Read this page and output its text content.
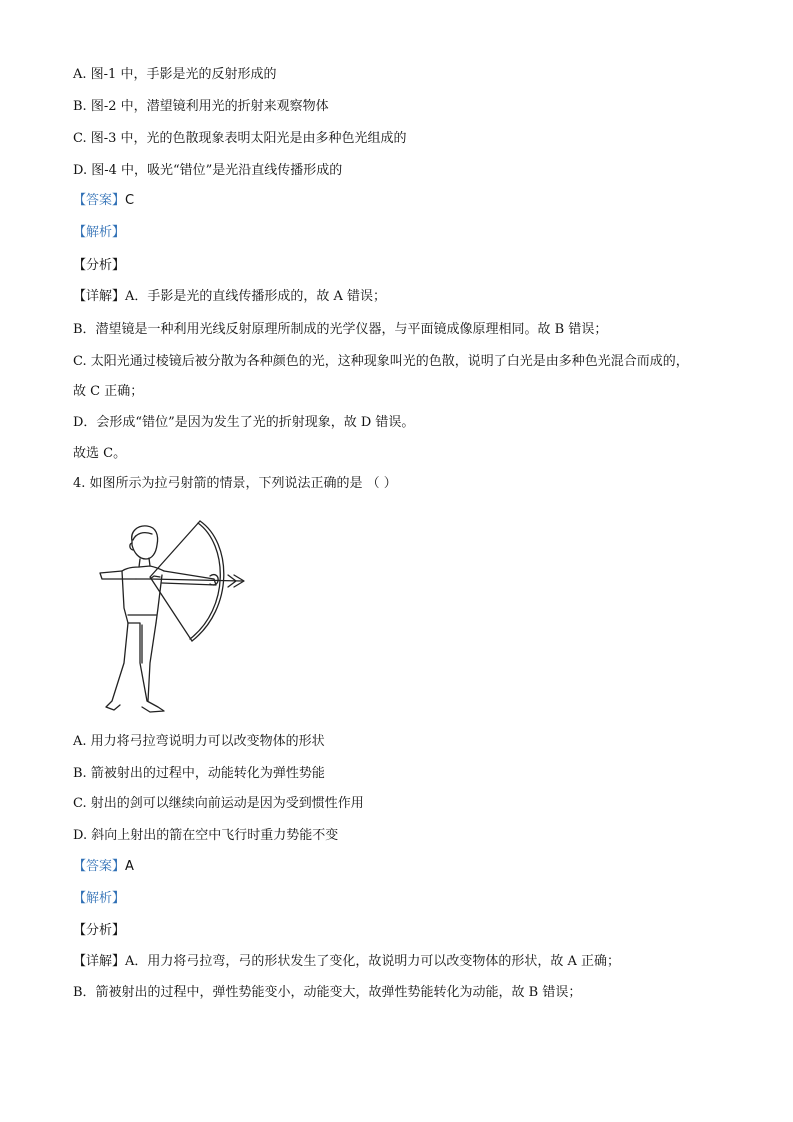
A. 图-1 中，手影是光的反射形成的
B. 图-2 中，潜望镜利用光的折射来观察物体
C. 图-3 中，光的色散现象表明太阳光是由多种色光组成的
D. 图-4 中，吸光“错位”是光沿直线传播形成的
【答案】C
【解析】
【分析】
【详解】A．手影是光的直线传播形成的，故 A 错误；
B．潜望镜是一种利用光线反射原理所制成的光学仪器，与平面镜成像原理相同。故 B 错误；
C. 太阳光通过棱镜后被分散为各种颜色的光，这种现象叫光的色散，说明了白光是由多种色光混合而成的，
故 C 正确；
D．会形成“错位”是因为发生了光的折射现象，故 D 错误。
故选 C。
4. 如图所示为拉弓射箭的情景，下列说法正确的是 （ ）
A. 用力将弓拉弯说明力可以改变物体的形状
B. 箭被射出的过程中，动能转化为弹性势能
C. 射出的剑可以继续向前运动是因为受到惯性作用
D. 斜向上射出的箭在空中飞行时重力势能不变
【答案】A
【解析】
【分析】
【详解】A．用力将弓拉弯，弓的形状发生了变化，故说明力可以改变物体的形状，故 A 正确；
B．箭被射出的过程中，弹性势能变小，动能变大，故弹性势能转化为动能，故 B 错误；
